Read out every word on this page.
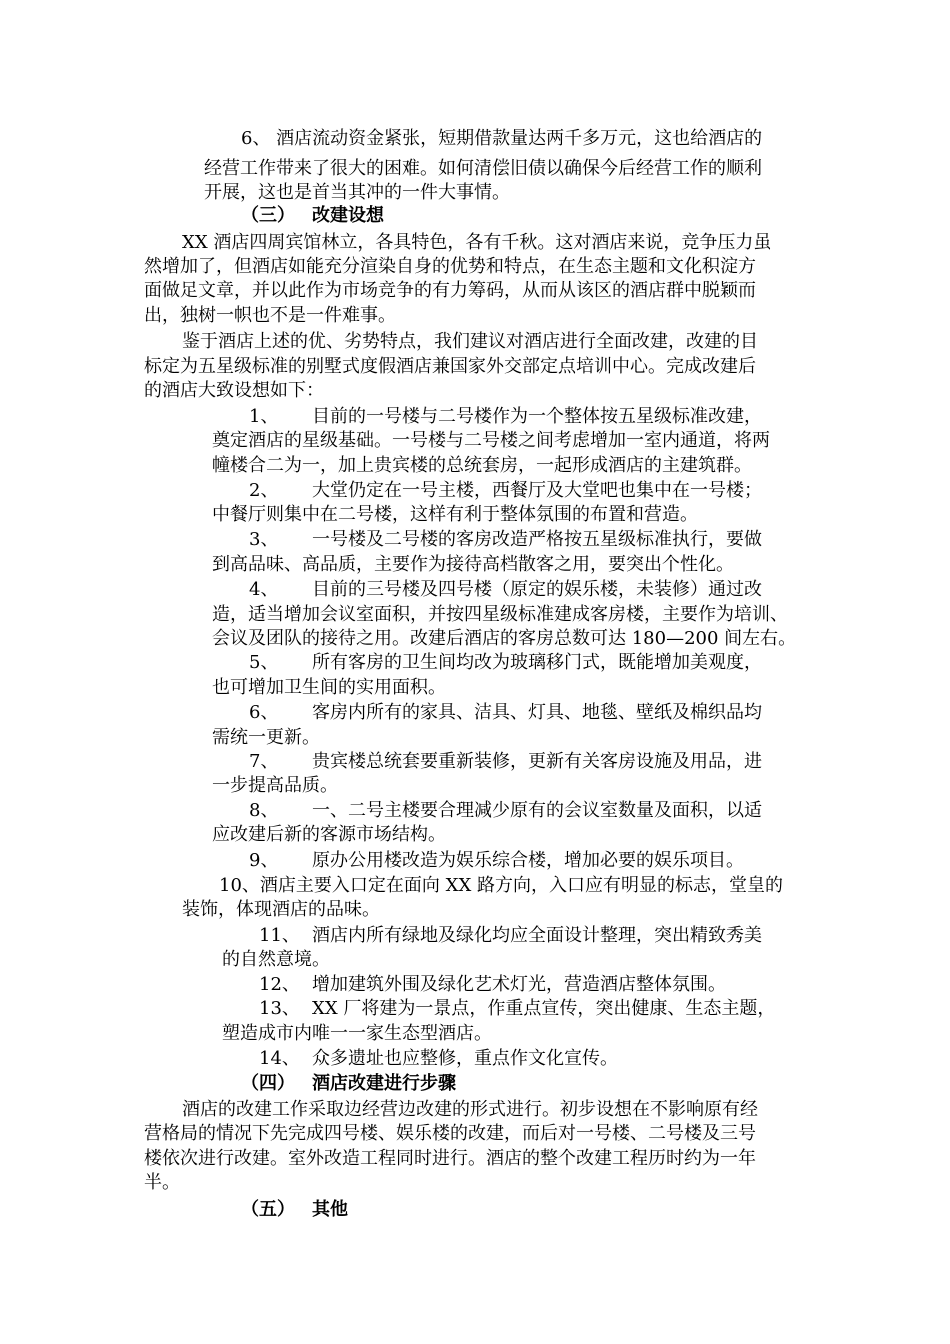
6、 酒店流动资金紧张，短期借款量达两千多万元，这也给酒店的
经营工作带来了很大的困难。如何清偿旧债以确保今后经营工作的顺利
开展，这也是首当其冲的一件大事情。
（三） 改建设想
XX 酒店四周宾馆林立，各具特色，各有千秋。这对酒店来说，竞争压力虽
然增加了，但酒店如能充分渲染自身的优势和特点，在生态主题和文化积淀方
面做足文章，并以此作为市场竞争的有力筹码，从而从该区的酒店群中脱颖而
出，独树一帜也不是一件难事。
鉴于酒店上述的优、劣势特点，我们建议对酒店进行全面改建，改建的目
标定为五星级标准的别墅式度假酒店兼国家外交部定点培训中心。完成改建后
的酒店大致设想如下：
1、 目前的一号楼与二号楼作为一个整体按五星级标准改建，
奠定酒店的星级基础。一号楼与二号楼之间考虑增加一室内通道，将两
幢楼合二为一，加上贵宾楼的总统套房，一起形成酒店的主建筑群。
2、 大堂仍定在一号主楼，西餐厅及大堂吧也集中在一号楼；
中餐厅则集中在二号楼，这样有利于整体氛围的布置和营造。
3、 一号楼及二号楼的客房改造严格按五星级标准执行，要做
到高品味、高品质，主要作为接待高档散客之用，要突出个性化。
4、 目前的三号楼及四号楼（原定的娱乐楼，未装修）通过改
造，适当增加会议室面积，并按四星级标准建成客房楼，主要作为培训、
会议及团队的接待之用。改建后酒店的客房总数可达 180—200 间左右。
5、 所有客房的卫生间均改为玻璃移门式，既能增加美观度，
也可增加卫生间的实用面积。
6、 客房内所有的家具、洁具、灯具、地毯、壁纸及棉织品均
需统一更新。
7、 贵宾楼总统套要重新装修，更新有关客房设施及用品，进
一步提高品质。
8、 一、二号主楼要合理减少原有的会议室数量及面积，以适
应改建后新的客源市场结构。
9、 原办公用楼改造为娱乐综合楼，增加必要的娱乐项目。
10、酒店主要入口定在面向 XX 路方向，入口应有明显的标志，堂皇的
装饰，体现酒店的品味。
11、 酒店内所有绿地及绿化均应全面设计整理，突出精致秀美
的自然意境。
12、 增加建筑外围及绿化艺术灯光，营造酒店整体氛围。
13、 XX 厂将建为一景点，作重点宣传，突出健康、生态主题，
塑造成市内唯一一家生态型酒店。
14、 众多遗址也应整修，重点作文化宣传。
（四） 酒店改建进行步骤
酒店的改建工作采取边经营边改建的形式进行。初步设想在不影响原有经
营格局的情况下先完成四号楼、娱乐楼的改建，而后对一号楼、二号楼及三号
楼依次进行改建。室外改造工程同时进行。酒店的整个改建工程历时约为一年
半。
（五） 其他
